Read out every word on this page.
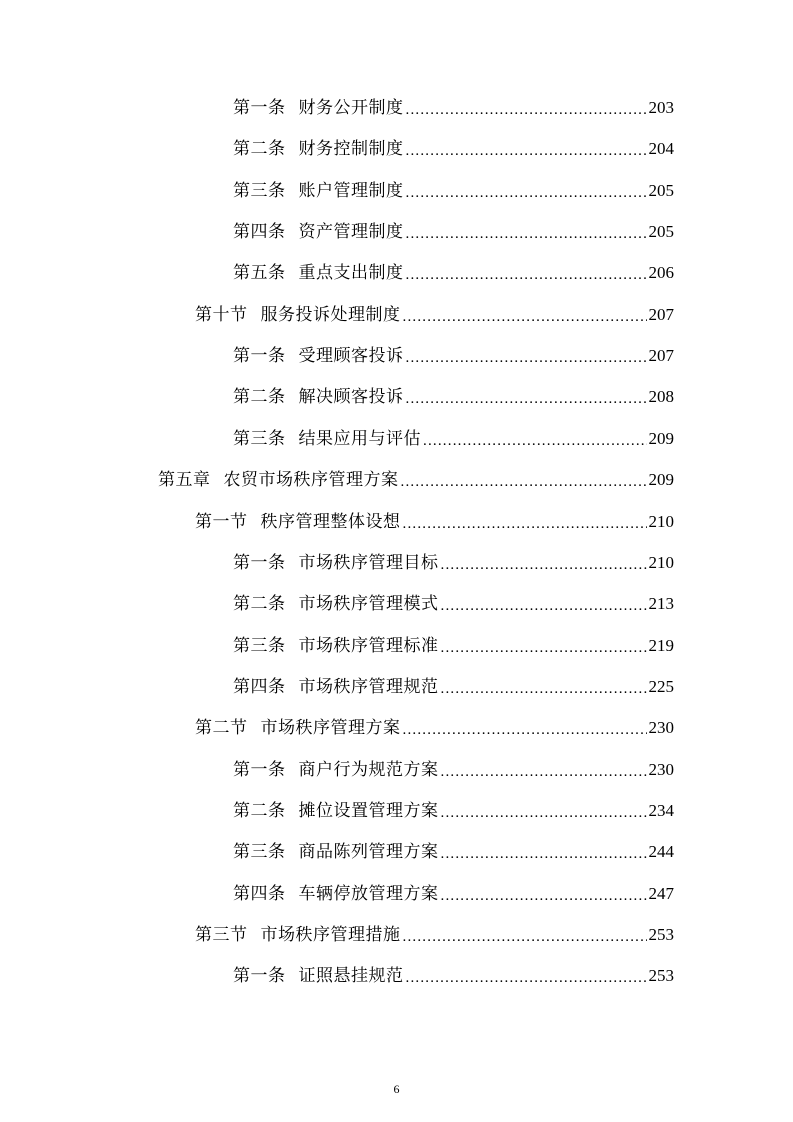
第一条 财务公开制度 .....	203
第二条 财务控制制度 .....	204
第三条 账户管理制度 .....	205
第四条 资产管理制度 .....	205
第五条 重点支出制度 .....	206
第十节 服务投诉处理制度 .....	207
第一条 受理顾客投诉 .....	207
第二条 解决顾客投诉 .....	208
第三条 结果应用与评估 .....	209
第五章 农贸市场秩序管理方案 .....	209
第一节 秩序管理整体设想 .....	210
第一条 市场秩序管理目标 .....	210
第二条 市场秩序管理模式 .....	213
第三条 市场秩序管理标准 .....	219
第四条 市场秩序管理规范 .....	225
第二节 市场秩序管理方案 .....	230
第一条 商户行为规范方案 .....	230
第二条 摊位设置管理方案 .....	234
第三条 商品陈列管理方案 .....	244
第四条 车辆停放管理方案 .....	247
第三节 市场秩序管理措施 .....	253
第一条 证照悬挂规范 .....	253
6
